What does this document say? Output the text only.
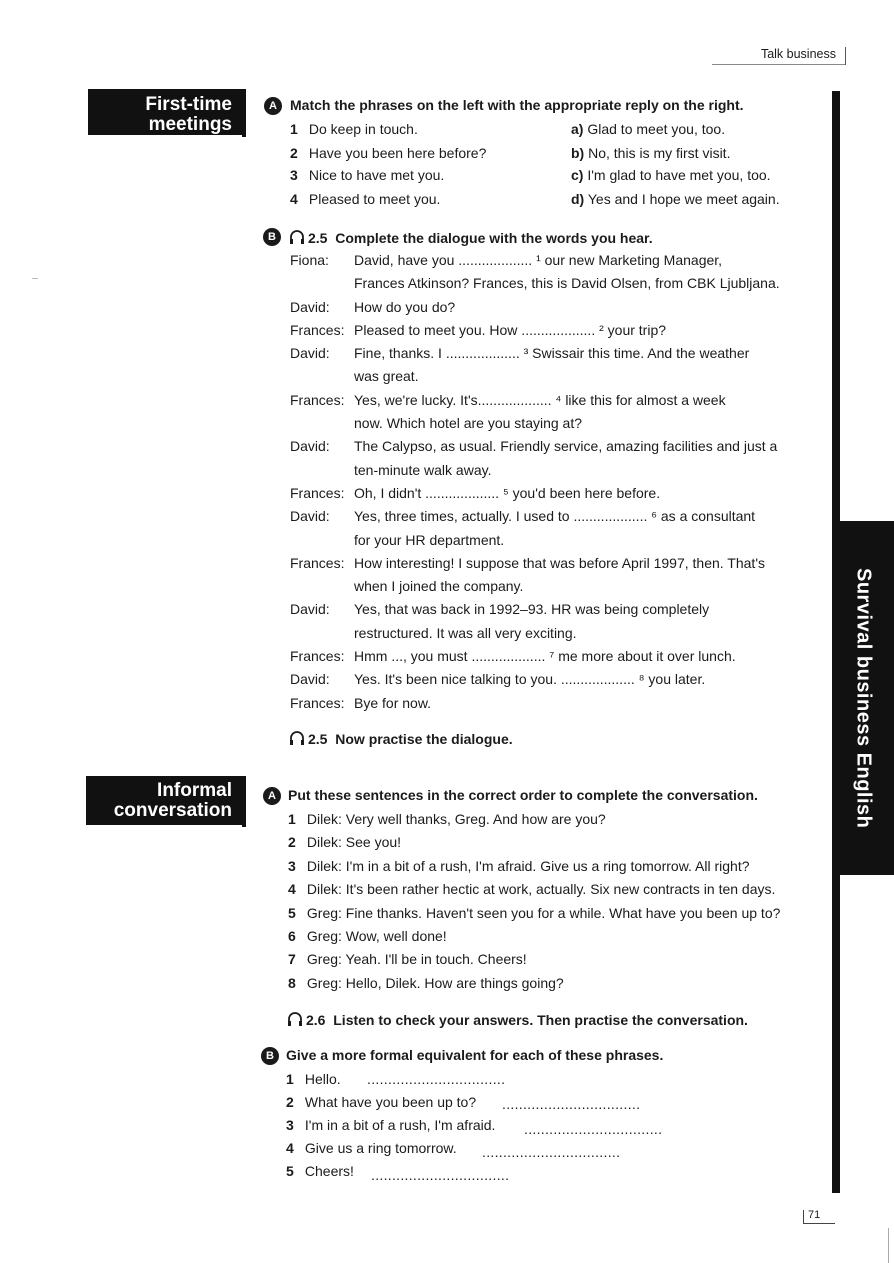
Talk business
First-time
meetings
Informal
conversation	Survival business English
A Match the phrases on the left with the appropriate reply on the right.
1 Do keep in touch.
2 Have you been here before?
3 Nice to have met you.
4 Pleased to meet you.
a) Glad to meet you, too.
b) No, this is my first visit.
c) I'm glad to have met you, too.
d) Yes and I hope we meet again.
B	2.5 Complete the dialogue with the words you hear.
Fiona: David, have you ................... ¹ our new Marketing Manager,
Frances Atkinson? Frances, this is David Olsen, from CBK Ljubljana.
David: How do you do?
Frances: Pleased to meet you. How ................... ² your trip?
David: Fine, thanks. I ................... ³ Swissair this time. And the weather
was great.
Frances: Yes, we're lucky. It's................... ⁴ like this for almost a week
now. Which hotel are you staying at?
David: The Calypso, as usual. Friendly service, amazing facilities and just a
ten-minute walk away.
Frances: Oh, I didn't ................... ⁵ you'd been here before.
David: Yes, three times, actually. I used to ................... ⁶ as a consultant
for your HR department.
Frances: How interesting! I suppose that was before April 1997, then. That's
when I joined the company.
David: Yes, that was back in 1992–93. HR was being completely
restructured. It was all very exciting.
Frances: Hmm ..., you must ................... ⁷ me more about it over lunch.
David: Yes. It's been nice talking to you. ................... ⁸ you later.
Frances: Bye for now.
2.5 Now practise the dialogue.
A Put these sentences in the correct order to complete the conversation.
1 Dilek: Very well thanks, Greg. And how are you?
2 Dilek: See you!
3 Dilek: I'm in a bit of a rush, I'm afraid. Give us a ring tomorrow. All right?
4 Dilek: It's been rather hectic at work, actually. Six new contracts in ten days.
5 Greg: Fine thanks. Haven't seen you for a while. What have you been up to?
6 Greg: Wow, well done!
7 Greg: Yeah. I'll be in touch. Cheers!
8 Greg: Hello, Dilek. How are things going?
2.6 Listen to check your answers. Then practise the conversation.
B Give a more formal equivalent for each of these phrases.
1 Hello. .................................
2 What have you been up to? .................................
3 I'm in a bit of a rush, I'm afraid. .................................
4 Give us a ring tomorrow. .................................
5 Cheers! .................................
71
